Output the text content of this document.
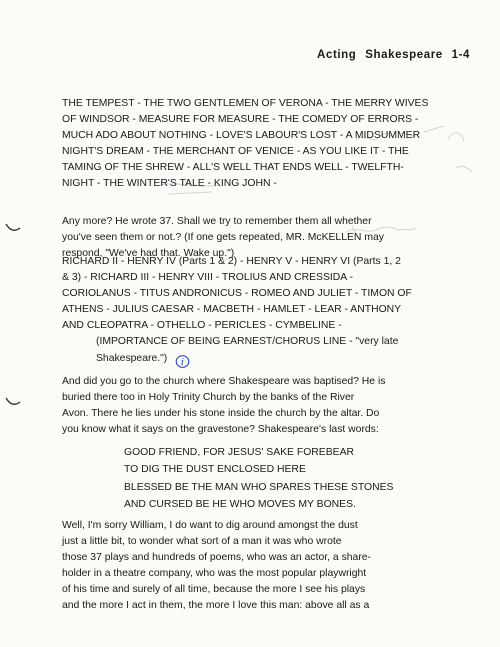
Acting Shakespeare 1-4
THE TEMPEST - THE TWO GENTLEMEN OF VERONA - THE MERRY WIVES
OF WINDSOR - MEASURE FOR MEASURE - THE COMEDY OF ERRORS -
MUCH ADO ABOUT NOTHING - LOVE'S LABOUR'S LOST - A MIDSUMMER
NIGHT'S DREAM - THE MERCHANT OF VENICE - AS YOU LIKE IT - THE
TAMING OF THE SHREW - ALL'S WELL THAT ENDS WELL - TWELFTH-
NIGHT - THE WINTER'S TALE - KING JOHN -
Any more? He wrote 37. Shall we try to remember them all whether
you've seen them or not.? (If one gets repeated, MR. McKELLEN may
respond, "We've had that. Wake up.")
RICHARD II - HENRY IV (Parts 1 & 2) - HENRY V - HENRY VI (Parts 1, 2
& 3) - RICHARD III - HENRY VIII - TROLIUS AND CRESSIDA -
CORIOLANUS - TITUS ANDRONICUS - ROMEO AND JULIET - TIMON OF
ATHENS - JULIUS CAESAR - MACBETH - HAMLET - LEAR - ANTHONY
AND CLEOPATRA - OTHELLO - PERICLES - CYMBELINE -
(IMPORTANCE OF BEING EARNEST/CHORUS LINE - "very late
Shakespeare.")	i
And did you go to the church where Shakespeare was baptised? He is
buried there too in Holy Trinity Church by the banks of the River
Avon. There he lies under his stone inside the church by the altar. Do
you know what it says on the gravestone? Shakespeare's last words:
GOOD FRIEND, FOR JESUS' SAKE FOREBEAR
TO DIG THE DUST ENCLOSED HERE
BLESSED BE THE MAN WHO SPARES THESE STONES
AND CURSED BE HE WHO MOVES MY BONES.
Well, I'm sorry William, I do want to dig around amongst the dust
just a little bit, to wonder what sort of a man it was who wrote
those 37 plays and hundreds of poems, who was an actor, a share-
holder in a theatre company, who was the most popular playwright
of his time and surely of all time, because the more I see his plays
and the more I act in them, the more I love this man: above all as a
